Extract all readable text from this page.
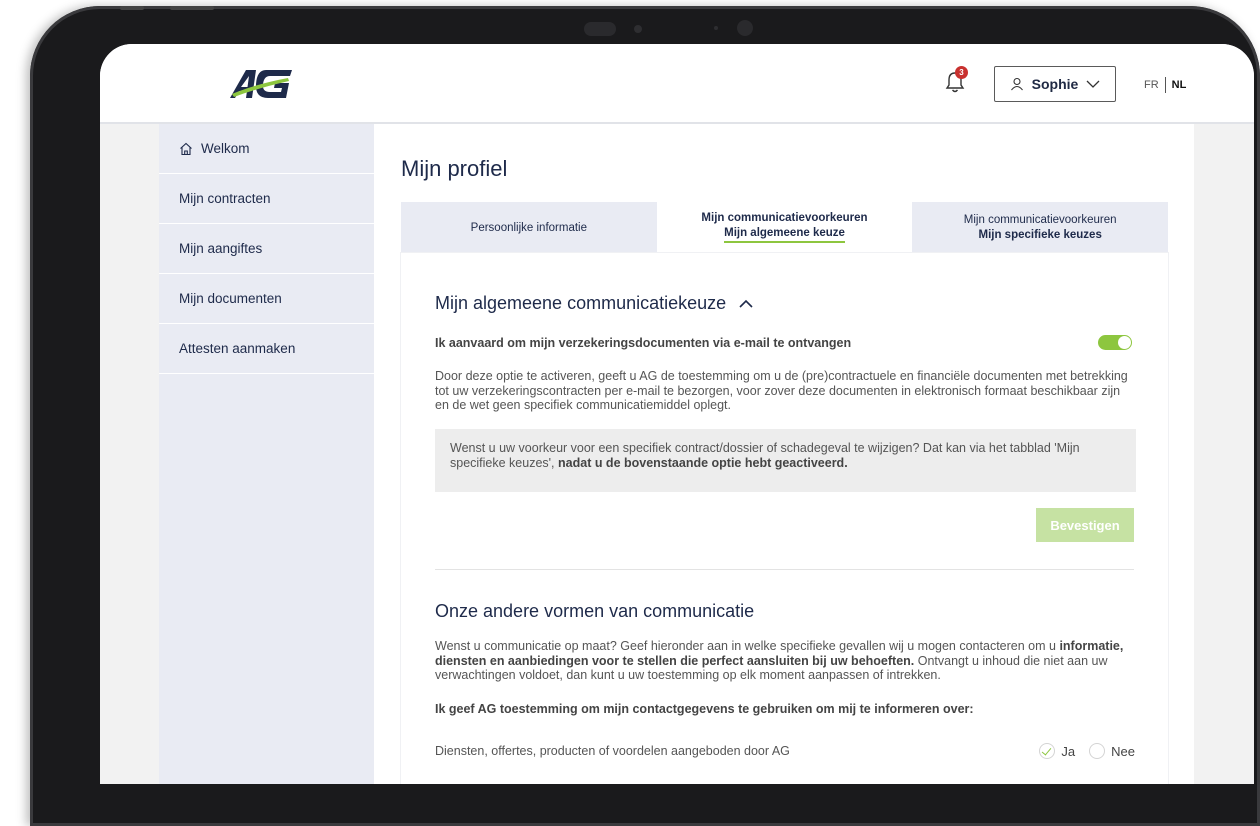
3
Sophie	FR NL
Welkom
Mijn contracten
Mijn aangiftes
Mijn documenten
Attesten aanmaken
Mijn profiel
Persoonlijke informatie
Mijn communicatievoorkeuren
Mijn algemeene keuze
Mijn communicatievoorkeuren
Mijn specifieke keuzes
Mijn algemeene communicatiekeuze
Ik aanvaard om mijn verzekeringsdocumenten via e-mail te ontvangen

Door deze optie te activeren, geeft u AG de toestemming om u de (pre)contractuele en financiële documenten met betrekking tot uw verzekeringscontracten per e-mail te bezorgen, voor zover deze documenten in elektronisch formaat beschikbaar zijn en de wet geen specifiek communicatiemiddel oplegt.

Wenst u uw voorkeur voor een specifiek contract/dossier of schadegeval te wijzigen? Dat kan via het tabblad 'Mijn specifieke keuzes', nadat u de bovenstaande optie hebt geactiveerd.
Bevestigen
Onze andere vormen van communicatie

Wenst u communicatie op maat? Geef hieronder aan in welke specifieke gevallen wij u mogen contacteren om u informatie, diensten en aanbiedingen voor te stellen die perfect aansluiten bij uw behoeften. Ontvangt u inhoud die niet aan uw verwachtingen voldoet, dan kunt u uw toestemming op elk moment aanpassen of intrekken.

Ik geef AG toestemming om mijn contactgegevens te gebruiken om mij te informeren over:
Diensten, offertes, producten of voordelen aangeboden door AG	Ja	Nee
